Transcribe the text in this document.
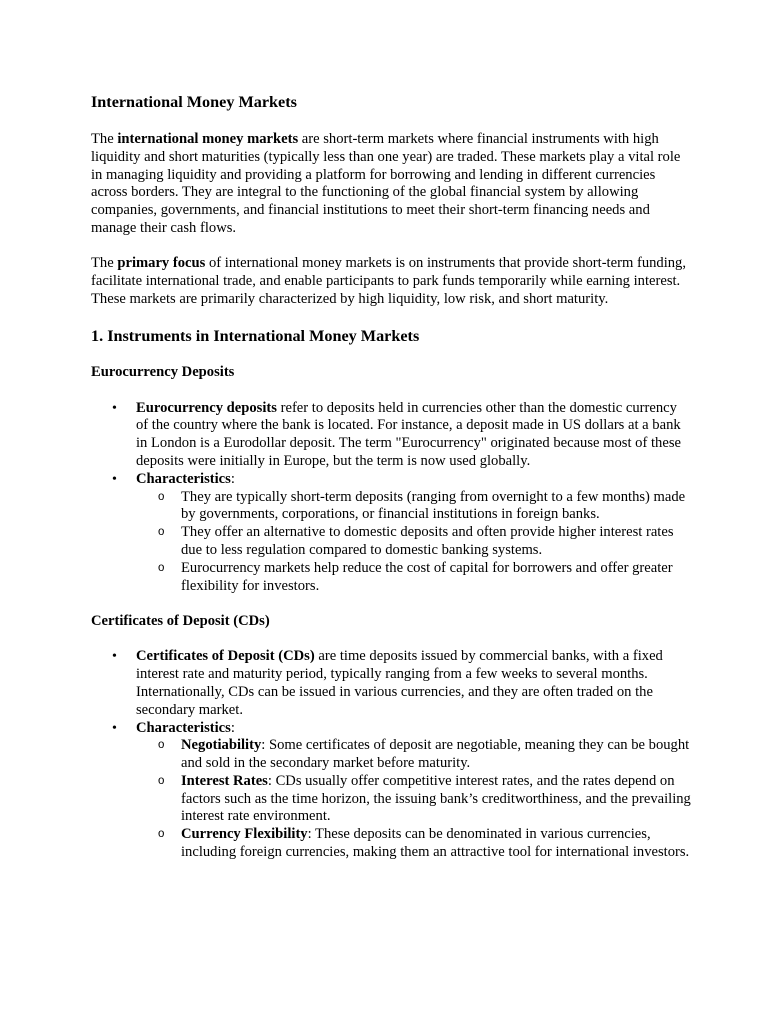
International Money Markets

The international money markets are short-term markets where financial instruments with high liquidity and short maturities (typically less than one year) are traded. These markets play a vital role in managing liquidity and providing a platform for borrowing and lending in different currencies across borders. They are integral to the functioning of the global financial system by allowing companies, governments, and financial institutions to meet their short-term financing needs and manage their cash flows.

The primary focus of international money markets is on instruments that provide short-term funding, facilitate international trade, and enable participants to park funds temporarily while earning interest. These markets are primarily characterized by high liquidity, low risk, and short maturity.

1. Instruments in International Money Markets
Eurocurrency Deposits
• Eurocurrency deposits refer to deposits held in currencies other than the domestic currency of the country where the bank is located. For instance, a deposit made in US dollars at a bank in London is a Eurodollar deposit. The term "Eurocurrency" originated because most of these deposits were initially in Europe, but the term is now used globally.
• Characteristics:
o They are typically short-term deposits (ranging from overnight to a few months) made by governments, corporations, or financial institutions in foreign banks.
o They offer an alternative to domestic deposits and often provide higher interest rates due to less regulation compared to domestic banking systems.
o Eurocurrency markets help reduce the cost of capital for borrowers and offer greater flexibility for investors.
Certificates of Deposit (CDs)
• Certificates of Deposit (CDs) are time deposits issued by commercial banks, with a fixed interest rate and maturity period, typically ranging from a few weeks to several months. Internationally, CDs can be issued in various currencies, and they are often traded on the secondary market.
• Characteristics:
o Negotiability: Some certificates of deposit are negotiable, meaning they can be bought and sold in the secondary market before maturity.
o Interest Rates: CDs usually offer competitive interest rates, and the rates depend on factors such as the time horizon, the issuing bank’s creditworthiness, and the prevailing interest rate environment.
o Currency Flexibility: These deposits can be denominated in various currencies, including foreign currencies, making them an attractive tool for international investors.
